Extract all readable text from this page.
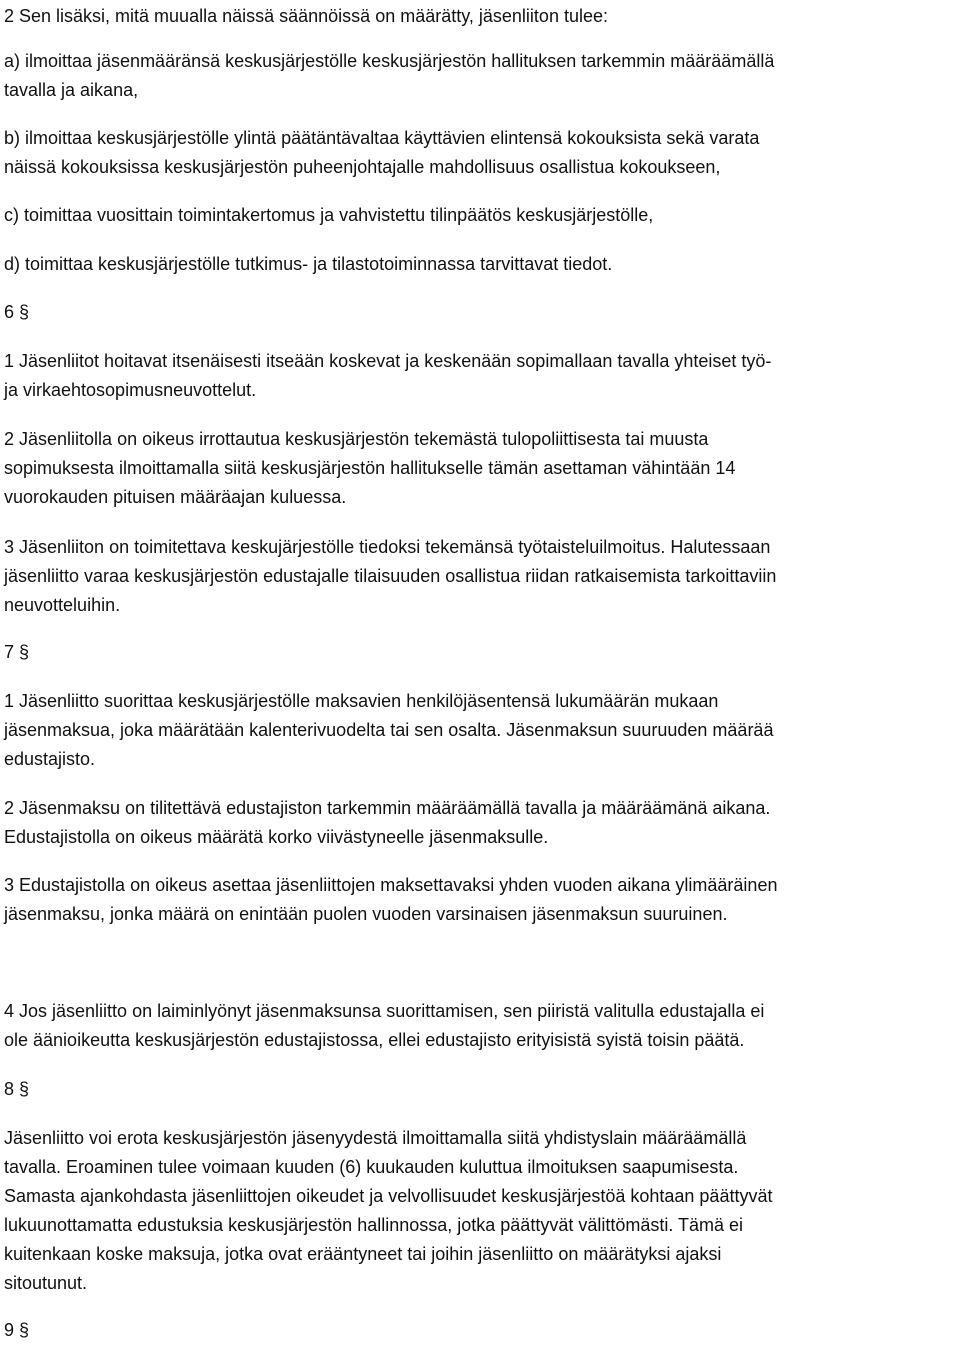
2 Sen lisäksi, mitä muualla näissä säännöissä on määrätty, jäsenliiton tulee:
a) ilmoittaa jäsenmääränsä keskusjärjestölle keskusjärjestön hallituksen tarkemmin määräämällä
tavalla ja aikana,
b) ilmoittaa keskusjärjestölle ylintä päätäntävaltaa käyttävien elintensä kokouksista sekä varata
näissä kokouksissa keskusjärjestön puheenjohtajalle mahdollisuus osallistua kokoukseen,
c) toimittaa vuosittain toimintakertomus ja vahvistettu tilinpäätös keskusjärjestölle,
d) toimittaa keskusjärjestölle tutkimus- ja tilastotoiminnassa tarvittavat tiedot.
6 §
1 Jäsenliitot hoitavat itsenäisesti itseään koskevat ja keskenään sopimallaan tavalla yhteiset työ-
ja virkaehtosopimusneuvottelut.
2 Jäsenliitolla on oikeus irrottautua keskusjärjestön tekemästä tulopoliittisesta tai muusta
sopimuksesta ilmoittamalla siitä keskusjärjestön hallitukselle tämän asettaman vähintään 14
vuorokauden pituisen määräajan kuluessa.
3 Jäsenliiton on toimitettava keskujärjestölle tiedoksi tekemänsä työtaisteluilmoitus. Halutessaan
jäsenliitto varaa keskusjärjestön edustajalle tilaisuuden osallistua riidan ratkaisemista tarkoittaviin
neuvotteluihin.
7 §
1 Jäsenliitto suorittaa keskusjärjestölle maksavien henkilöjäsentensä lukumäärän mukaan
jäsenmaksua, joka määrätään kalenterivuodelta tai sen osalta. Jäsenmaksun suuruuden määrää
edustajisto.
2 Jäsenmaksu on tilitettävä edustajiston tarkemmin määräämällä tavalla ja määräämänä aikana.
Edustajistolla on oikeus määrätä korko viivästyneelle jäsenmaksulle.
3 Edustajistolla on oikeus asettaa jäsenliittojen maksettavaksi yhden vuoden aikana ylimääräinen
jäsenmaksu, jonka määrä on enintään puolen vuoden varsinaisen jäsenmaksun suuruinen.
4 Jos jäsenliitto on laiminlyönyt jäsenmaksunsa suorittamisen, sen piiristä valitulla edustajalla ei
ole äänioikeutta keskusjärjestön edustajistossa, ellei edustajisto erityisistä syistä toisin päätä.
8 §
Jäsenliitto voi erota keskusjärjestön jäsenyydestä ilmoittamalla siitä yhdistyslain määräämällä
tavalla. Eroaminen tulee voimaan kuuden (6) kuukauden kuluttua ilmoituksen saapumisesta.
Samasta ajankohdasta jäsenliittojen oikeudet ja velvollisuudet keskusjärjestöä kohtaan päättyvät
lukuunottamatta edustuksia keskusjärjestön hallinnossa, jotka päättyvät välittömästi. Tämä ei
kuitenkaan koske maksuja, jotka ovat erääntyneet tai joihin jäsenliitto on määrätyksi ajaksi
sitoutunut.
9 §
